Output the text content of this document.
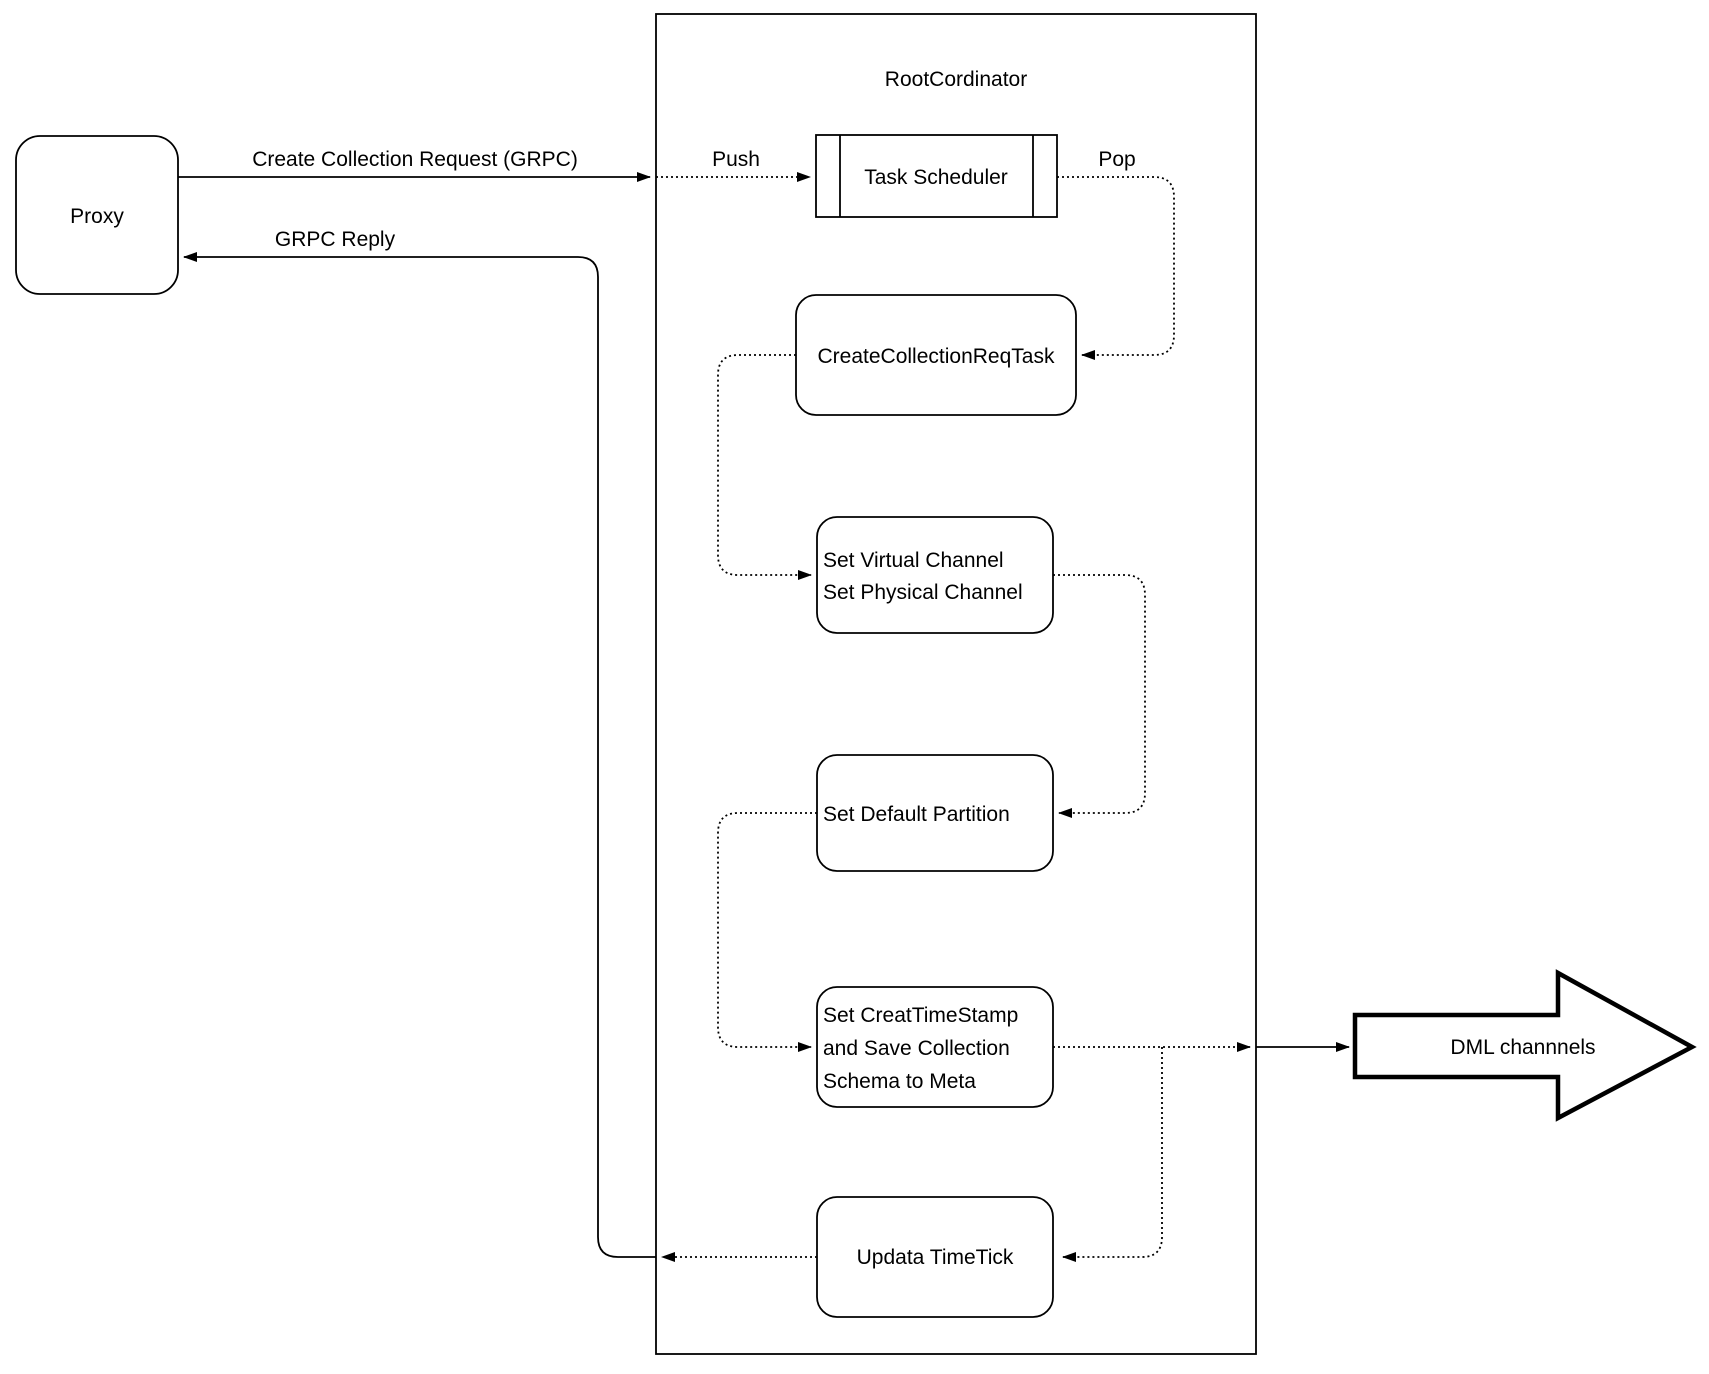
RootCordinator
Proxy
Task Scheduler
CreateCollectionReqTask
Set Virtual Channel
Set Physical Channel
Set Default Partition
Set CreatTimeStamp
and Save Collection
Schema to Meta
Updata TimeTick
DML channnels
Create Collection Request (GRPC)	Push	Pop
GRPC Reply
